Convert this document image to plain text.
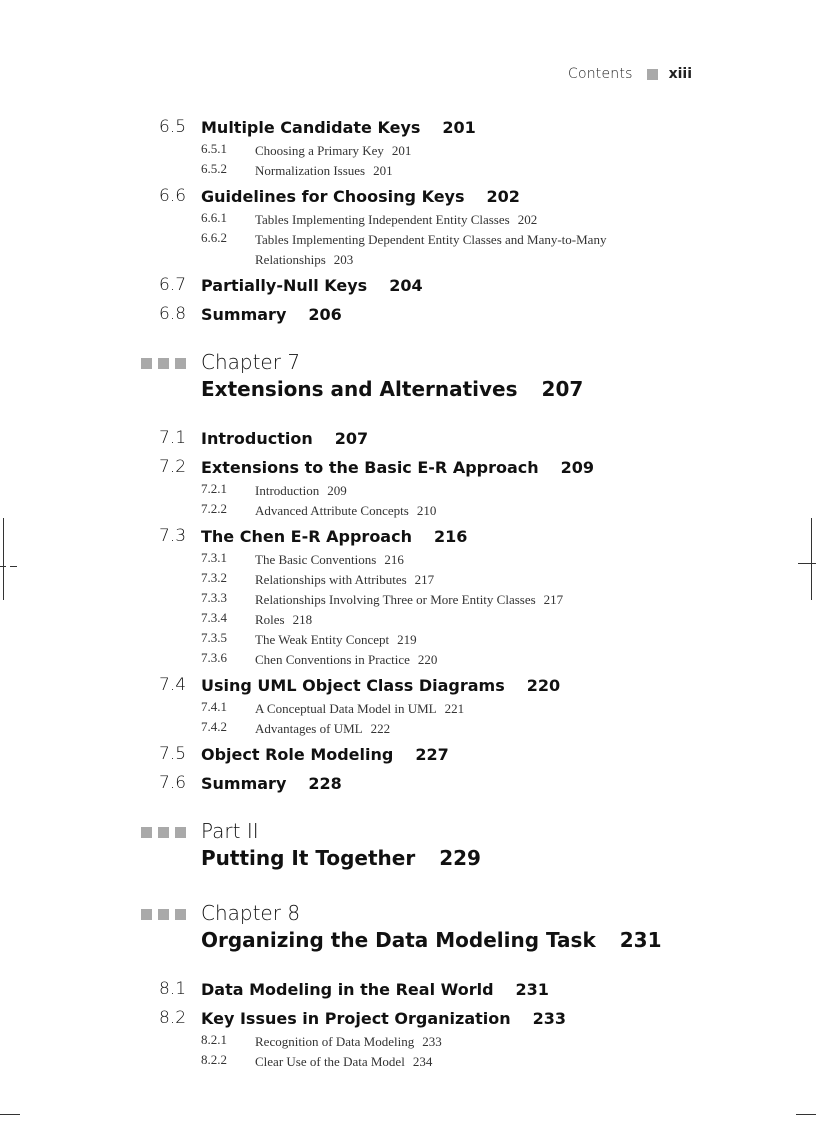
Contents	xiii
6.5 Multiple Candidate Keys 201
6.5.1 Choosing a Primary Key 201
6.5.2 Normalization Issues 201
6.6 Guidelines for Choosing Keys 202
6.6.1 Tables Implementing Independent Entity Classes 202
6.6.2 Tables Implementing Dependent Entity Classes and Many-to-Many Relationships 203
6.7 Partially-Null Keys 204
6.8 Summary 206
Chapter 7
Extensions and Alternatives 207
7.1 Introduction 207
7.2 Extensions to the Basic E-R Approach 209
7.2.1 Introduction 209
7.2.2 Advanced Attribute Concepts 210
7.3 The Chen E-R Approach 216
7.3.1 The Basic Conventions 216
7.3.2 Relationships with Attributes 217
7.3.3 Relationships Involving Three or More Entity Classes 217
7.3.4 Roles 218
7.3.5 The Weak Entity Concept 219
7.3.6 Chen Conventions in Practice 220
7.4 Using UML Object Class Diagrams 220
7.4.1 A Conceptual Data Model in UML 221
7.4.2 Advantages of UML 222
7.5 Object Role Modeling 227
7.6 Summary 228
Part II
Putting It Together 229
Chapter 8
Organizing the Data Modeling Task 231
8.1 Data Modeling in the Real World 231
8.2 Key Issues in Project Organization 233
8.2.1 Recognition of Data Modeling 233
8.2.2 Clear Use of the Data Model 234
